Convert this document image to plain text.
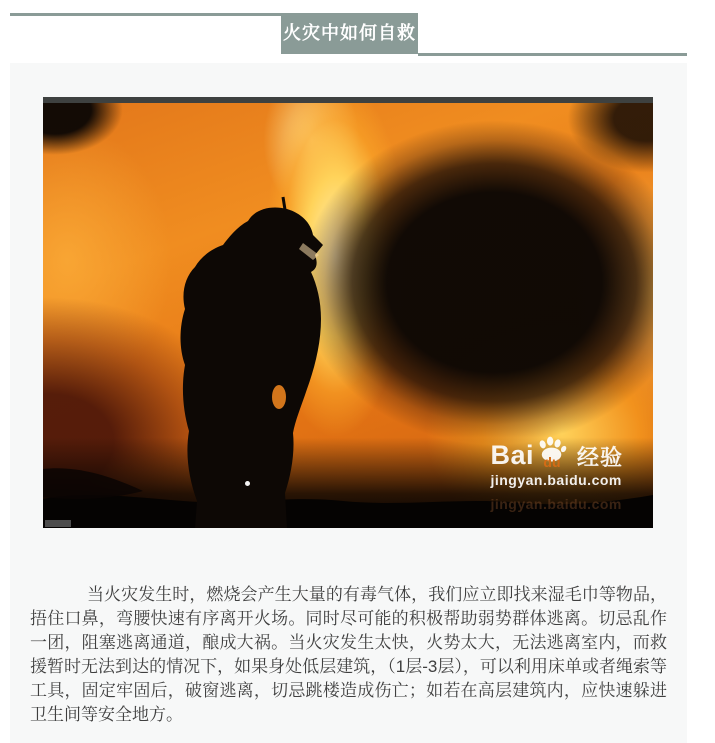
火灾中如何自救
Bai du 经验
jingyan.baidu.com
jingyan.baidu.com

当火灾发生时，燃烧会产生大量的有毒气体，我们应立即找来湿毛巾等物品，捂住口鼻，弯腰快速有序离开火场。同时尽可能的积极帮助弱势群体逃离。切忌乱作一团，阻塞逃离通道，酿成大祸。当火灾发生太快，火势太大，无法逃离室内，而救援暂时无法到达的情况下，如果身处低层建筑，（1层-3层），可以利用床单或者绳索等工具，固定牢固后，破窗逃离，切忌跳楼造成伤亡；如若在高层建筑内，应快速躲进卫生间等安全地方。
